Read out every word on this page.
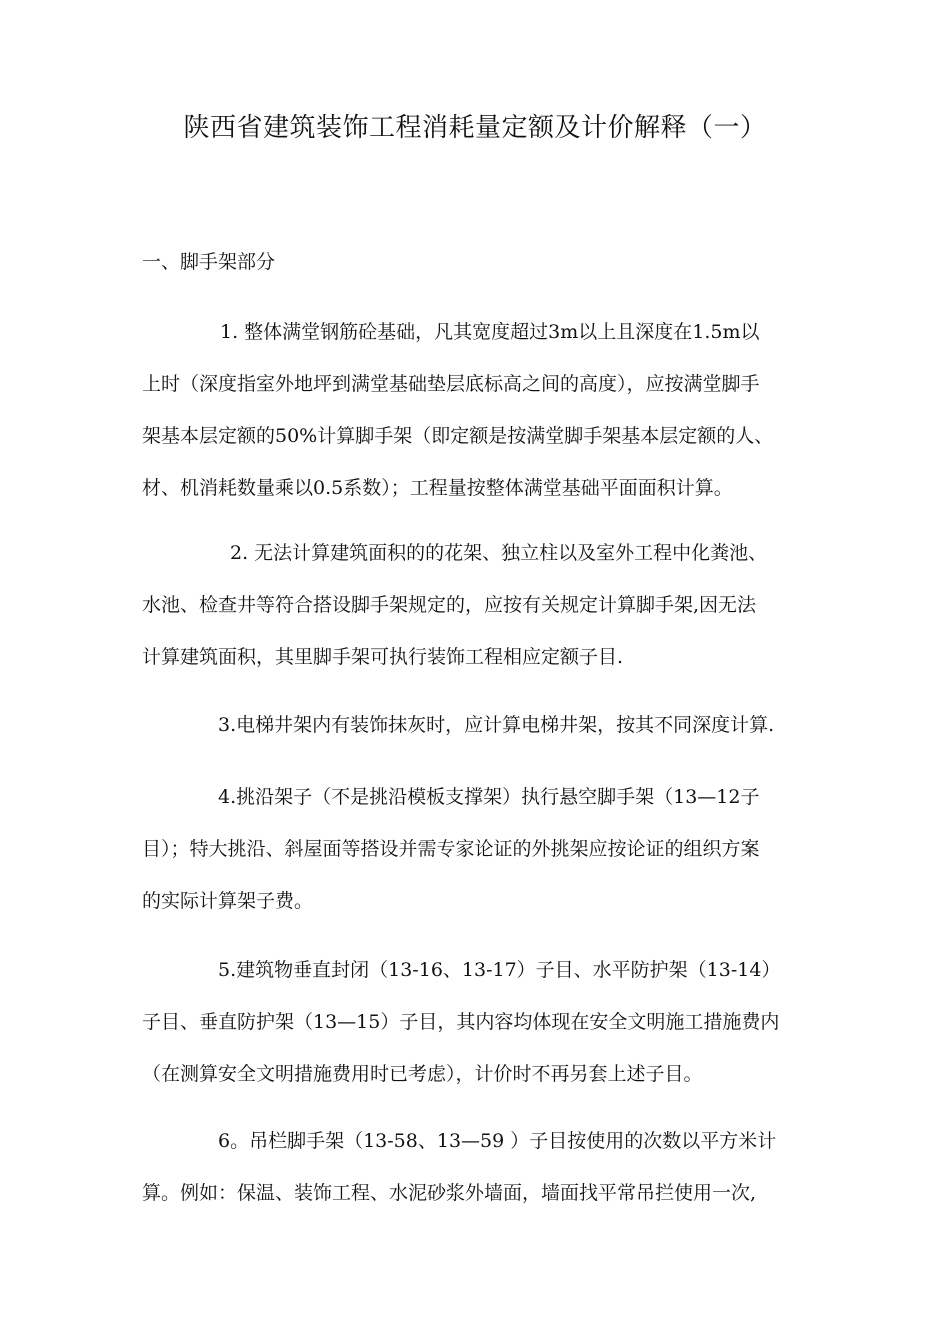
陕西省建筑装饰工程消耗量定额及计价解释（一）
一、脚手架部分
1. 整体满堂钢筋砼基础，凡其宽度超过3m以上且深度在1.5m以
上时（深度指室外地坪到满堂基础垫层底标高之间的高度），应按满堂脚手
架基本层定额的50%计算脚手架（即定额是按满堂脚手架基本层定额的人、
材、机消耗数量乘以0.5系数）；工程量按整体满堂基础平面面积计算。
2. 无法计算建筑面积的的花架、独立柱以及室外工程中化粪池、
水池、检查井等符合搭设脚手架规定的，应按有关规定计算脚手架,因无法
计算建筑面积，其里脚手架可执行装饰工程相应定额子目.
3.电梯井架内有装饰抹灰时，应计算电梯井架，按其不同深度计算.
4.挑沿架子（不是挑沿模板支撑架）执行悬空脚手架（13—12子
目）；特大挑沿、斜屋面等搭设并需专家论证的外挑架应按论证的组织方案
的实际计算架子费。
5.建筑物垂直封闭（13-16、13-17）子目、水平防护架（13-14）
子目、垂直防护架（13—15）子目，其内容均体现在安全文明施工措施费内
（在测算安全文明措施费用时已考虑），计价时不再另套上述子目。
6。吊栏脚手架（13-58、13—59 ）子目按使用的次数以平方米计
算。例如：保温、装饰工程、水泥砂浆外墙面，墙面找平常吊拦使用一次,
